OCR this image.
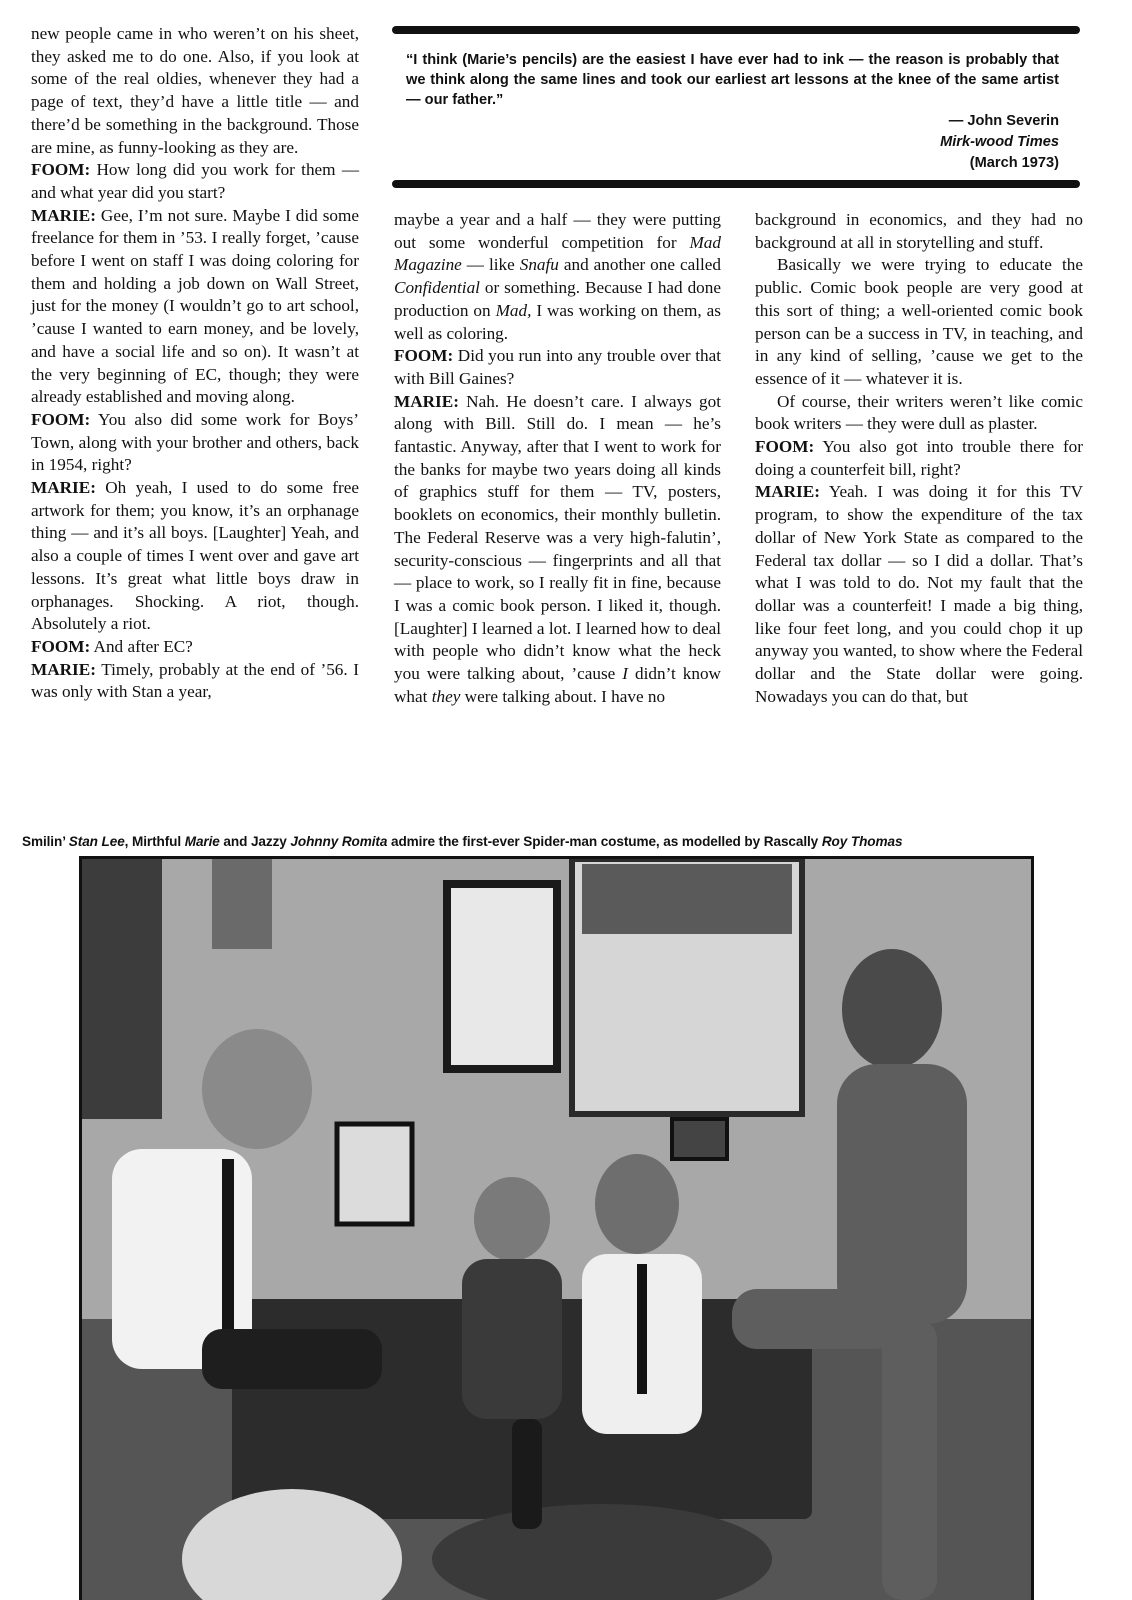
new people came in who weren’t on his sheet, they asked me to do one. Also, if you look at some of the real oldies, whenever they had a page of text, they’d have a little title — and there’d be something in the background. Those are mine, as funny-looking as they are.

FOOM: How long did you work for them — and what year did you start?

MARIE: Gee, I’m not sure. Maybe I did some freelance for them in ’53. I really forget, ’cause before I went on staff I was doing coloring for them and holding a job down on Wall Street, just for the money (I wouldn’t go to art school, ’cause I wanted to earn money, and be lovely, and have a social life and so on). It wasn’t at the very beginning of EC, though; they were already established and moving along.

FOOM: You also did some work for Boys’ Town, along with your brother and others, back in 1954, right?

MARIE: Oh yeah, I used to do some free artwork for them; you know, it’s an orphanage thing — and it’s all boys. [Laughter] Yeah, and also a couple of times I went over and gave art lessons. It’s great what little boys draw in orphanages. Shocking. A riot, though. Absolutely a riot.

FOOM: And after EC?

MARIE: Timely, probably at the end of ’56. I was only with Stan a year,

“I think (Marie’s pencils) are the easiest I have ever had to ink — the reason is probably that we think along the same lines and took our earliest art lessons at the knee of the same artist — our father.”

— John Severin
Mirk-wood Times
(March 1973)

maybe a year and a half — they were putting out some wonderful competition for Mad Magazine — like Snafu and another one called Confidential or something. Because I had done production on Mad, I was working on them, as well as coloring.

FOOM: Did you run into any trouble over that with Bill Gaines?

MARIE: Nah. He doesn’t care. I always got along with Bill. Still do. I mean — he’s fantastic. Anyway, after that I went to work for the banks for maybe two years doing all kinds of graphics stuff for them — TV, posters, booklets on economics, their monthly bulletin. The Federal Reserve was a very high-falutin’, security-conscious — fingerprints and all that — place to work, so I really fit in fine, because I was a comic book person. I liked it, though. [Laughter] I learned a lot. I learned how to deal with people who didn’t know what the heck you were talking about, ’cause I didn’t know what they were talking about. I have no

background in economics, and they had no background at all in storytelling and stuff.

Basically we were trying to educate the public. Comic book people are very good at this sort of thing; a well-oriented comic book person can be a success in TV, in teaching, and in any kind of selling, ’cause we get to the essence of it — whatever it is.

Of course, their writers weren’t like comic book writers — they were dull as plaster.

FOOM: You also got into trouble there for doing a counterfeit bill, right?

MARIE: Yeah. I was doing it for this TV program, to show the expenditure of the tax dollar of New York State as compared to the Federal tax dollar — so I did a dollar. That’s what I was told to do. Not my fault that the dollar was a counterfeit! I made a big thing, like four feet long, and you could chop it up anyway you wanted, to show where the Federal dollar and the State dollar were going. Nowadays you can do that, but

Smilin’ Stan Lee, Mirthful Marie and Jazzy Johnny Romita admire the first-ever Spider-man costume, as modelled by Rascally Roy Thomas
